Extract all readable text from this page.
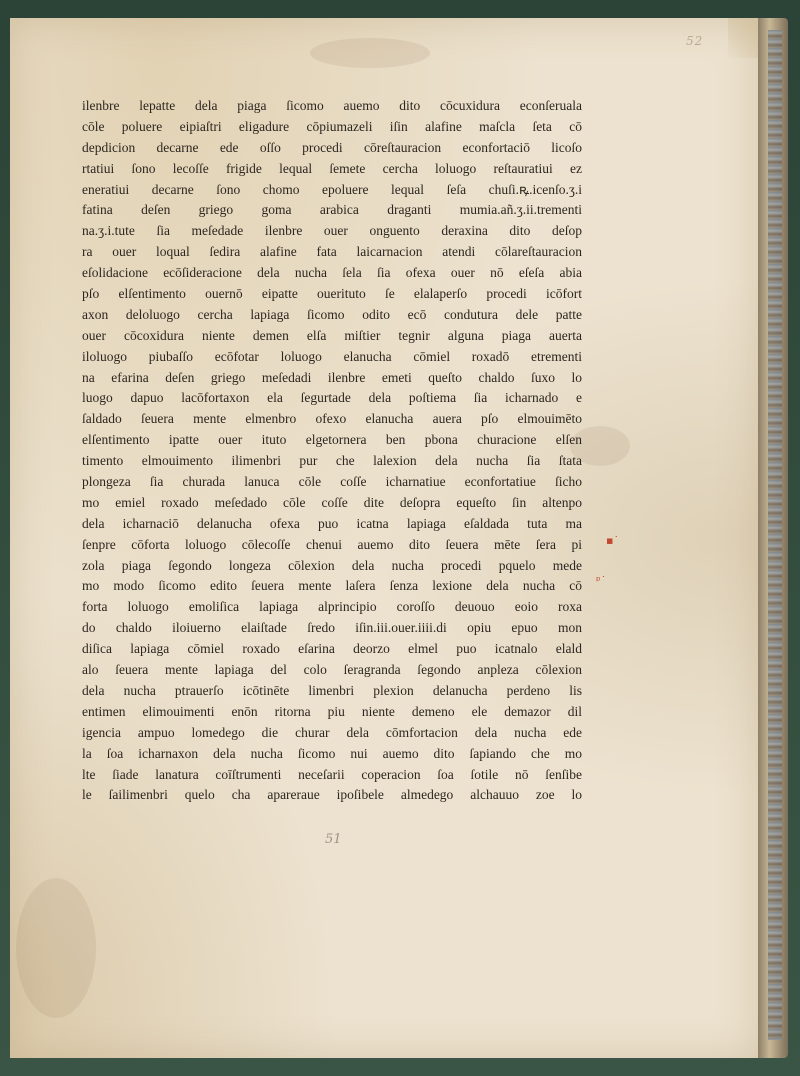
52
ilenbre lepatte dela piaga ſicomo auemo dito cōcuxidura econſeruala
cōle poluere eipiaſtri eligadure cōpiumazeli iſin alafine maſcla ſeta cō
depdicion decarne ede oſſo procedi cōreſtauracion econfortaciō licoſo
rtatiui ſono lecoſſe frigide lequal ſemete cercha loluogo reſtauratiui ez
eneratiui decarne ſono chomo epoluere lequal ſeſa chuſi.ꝶ.icenſo.ʒ.i
fatina deſen griego goma arabica draganti mumia.añ.ʒ.ii.trementi
na.ʒ.i.tute ſia meſedade ilenbre ouer onguento deraxina dito deſop
ra ouer loqual ſedira alafine fata laicarnacion atendi cōlareſtauracion
eſolidacione ecōſideracione dela nucha ſela ſia ofexa ouer nō eſeſa abia
pſo elſentimento ouernō eipatte ouerituto ſe elalaperſo procedi icōfort
axon deloluogo cercha lapiaga ſicomo odito ecō condutura dele patte
ouer cōcoxidura niente demen elſa miſtier tegnir alguna piaga auerta
iloluogo piubaſſo ecōfotar loluogo elanucha cōmiel roxadō etrementi
na efarina deſen griego meſedadi ilenbre emeti queſto chaldo ſuxo lo
luogo dapuo lacōfortaxon ela ſegurtade dela poſtiema ſia icharnado e
ſaldado ſeuera mente elmenbro ofexo elanucha auera pſo elmouimēto
elſentimento ipatte ouer ituto elgetornera ben pbona churacione elſen
timento elmouimento ilimenbri pur che lalexion dela nucha ſia ſtata
plongeza ſia churada lanuca cōle coſſe icharnatiue econfortatiue ſicho
mo emiel roxado meſedado cōle coſſe dite deſopra equeſto ſin altenpo
dela icharnaciō delanucha ofexa puo icatna lapiaga eſaldada tuta ma
ſenpre cōforta loluogo cōlecoſſe chenui auemo dito ſeuera mēte ſera pi
zola piaga ſegondo longeza cōlexion dela nucha procedi pquelo mede
mo modo ſicomo edito ſeuera mente laſera ſenza lexione dela nucha cō
forta loluogo emoliſica lapiaga alprincipio coroſſo deuouo eoio roxa
do chaldo iloiuerno elaiſtade ſredo iſin.iii.ouer.iiii.di opiu epuo mon
diſica lapiaga cōmiel roxado eſarina deorzo elmel puo icatnalo elald
alo ſeuera mente lapiaga del colo ſeragranda ſegondo anpleza cōlexion
dela nucha ptrauerſo icōtinēte limenbri plexion delanucha perdeno lis
entimen elimouimenti enōn ritorna piu niente demeno ele demazor dil
igencia ampuo lomedego die churar dela cōmfortacion dela nucha ede
la ſoa icharnaxon dela nucha ſicomo nui auemo dito ſapiando che mo
lte ſiade lanatura coīſtrumenti neceſarii coperacion ſoa ſotile nō ſenſibe
le ſailimenbri quelo cha apareraue ipoſibele almedego alchauuo zoe lo
▪˙
ᵖ˙
51
